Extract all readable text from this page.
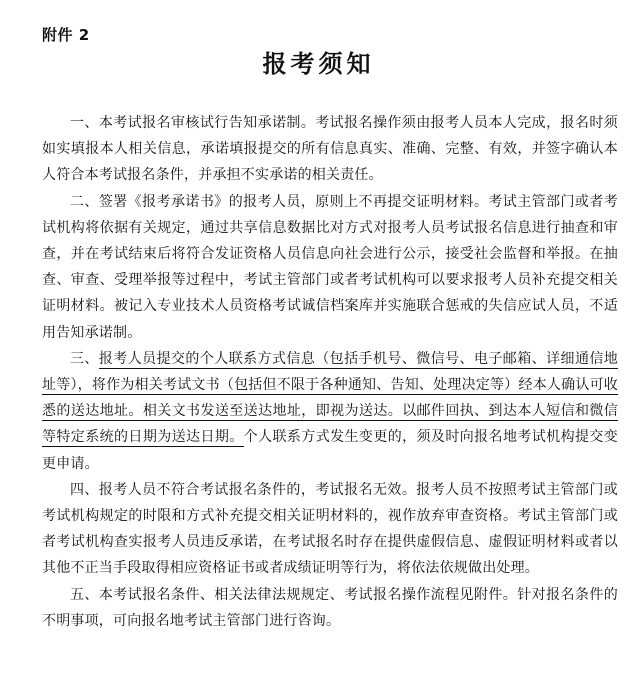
附件 2
报考须知

一、本考试报名审核试行告知承诺制。考试报名操作须由报考人员本人完成，报名时须如实填报本人相关信息，承诺填报提交的所有信息真实、准确、完整、有效，并签字确认本人符合本考试报名条件，并承担不实承诺的相关责任。

二、签署《报考承诺书》的报考人员，原则上不再提交证明材料。考试主管部门或者考试机构将依据有关规定，通过共享信息数据比对方式对报考人员考试报名信息进行抽查和审查，并在考试结束后将符合发证资格人员信息向社会进行公示，接受社会监督和举报。在抽查、审查、受理举报等过程中，考试主管部门或者考试机构可以要求报考人员补充提交相关证明材料。被记入专业技术人员资格考试诚信档案库并实施联合惩戒的失信应试人员，不适用告知承诺制。

三、报考人员提交的个人联系方式信息（包括手机号、微信号、电子邮箱、详细通信地址等），将作为相关考试文书（包括但不限于各种通知、告知、处理决定等）经本人确认可收悉的送达地址。相关文书发送至送达地址，即视为送达。以邮件回执、到达本人短信和微信等特定系统的日期为送达日期。个人联系方式发生变更的，须及时向报名地考试机构提交变更申请。

四、报考人员不符合考试报名条件的，考试报名无效。报考人员不按照考试主管部门或考试机构规定的时限和方式补充提交相关证明材料的，视作放弃审查资格。考试主管部门或者考试机构查实报考人员违反承诺，在考试报名时存在提供虚假信息、虚假证明材料或者以其他不正当手段取得相应资格证书或者成绩证明等行为，将依法依规做出处理。

五、本考试报名条件、相关法律法规规定、考试报名操作流程见附件。针对报名条件的不明事项，可向报名地考试主管部门进行咨询。
